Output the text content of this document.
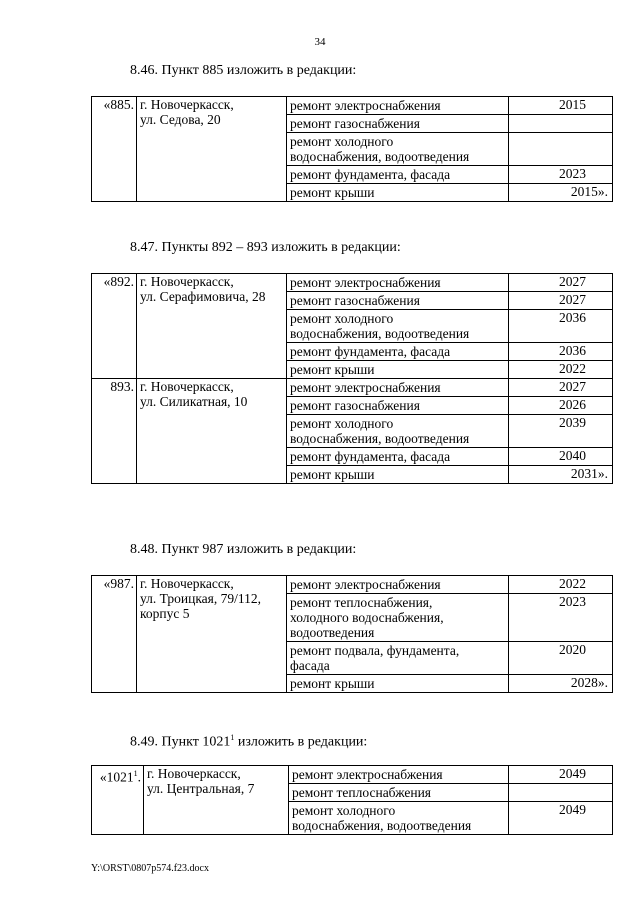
34
8.46. Пункт 885 изложить в редакции:
«885.	г. Новочеркасск,
ул. Седова, 20	ремонт электроснабжения	2015
		ремонт газоснабжения	
		ремонт холодного
водоснабжения, водоотведения	
		ремонт фундамента, фасада	2023
		ремонт крыши	2015».
8.47. Пункты 892 – 893 изложить в редакции:
«892.	г. Новочеркасск,
ул. Серафимовича, 28	ремонт электроснабжения	2027
		ремонт газоснабжения	2027
		ремонт холодного
водоснабжения, водоотведения	2036
		ремонт фундамента, фасада	2036
		ремонт крыши	2022
893.	г. Новочеркасск,
ул. Силикатная, 10	ремонт электроснабжения	2027
		ремонт газоснабжения	2026
		ремонт холодного
водоснабжения, водоотведения	2039
		ремонт фундамента, фасада	2040
		ремонт крыши	2031».
8.48. Пункт 987 изложить в редакции:
«987.	г. Новочеркасск,
ул. Троицкая, 79/112,
корпус 5	ремонт электроснабжения	2022
		ремонт теплоснабжения,
холодного водоснабжения,
водоотведения	2023
		ремонт подвала, фундамента,
фасада	2020
		ремонт крыши	2028».
8.49. Пункт 1021$^1$ изложить в редакции:
«1021$^1$.	г. Новочеркасск,
ул. Центральная, 7	ремонт электроснабжения	2049
		ремонт теплоснабжения	
		ремонт холодного
водоснабжения, водоотведения	2049
Y:\ORST\0807p574.f23.docx
